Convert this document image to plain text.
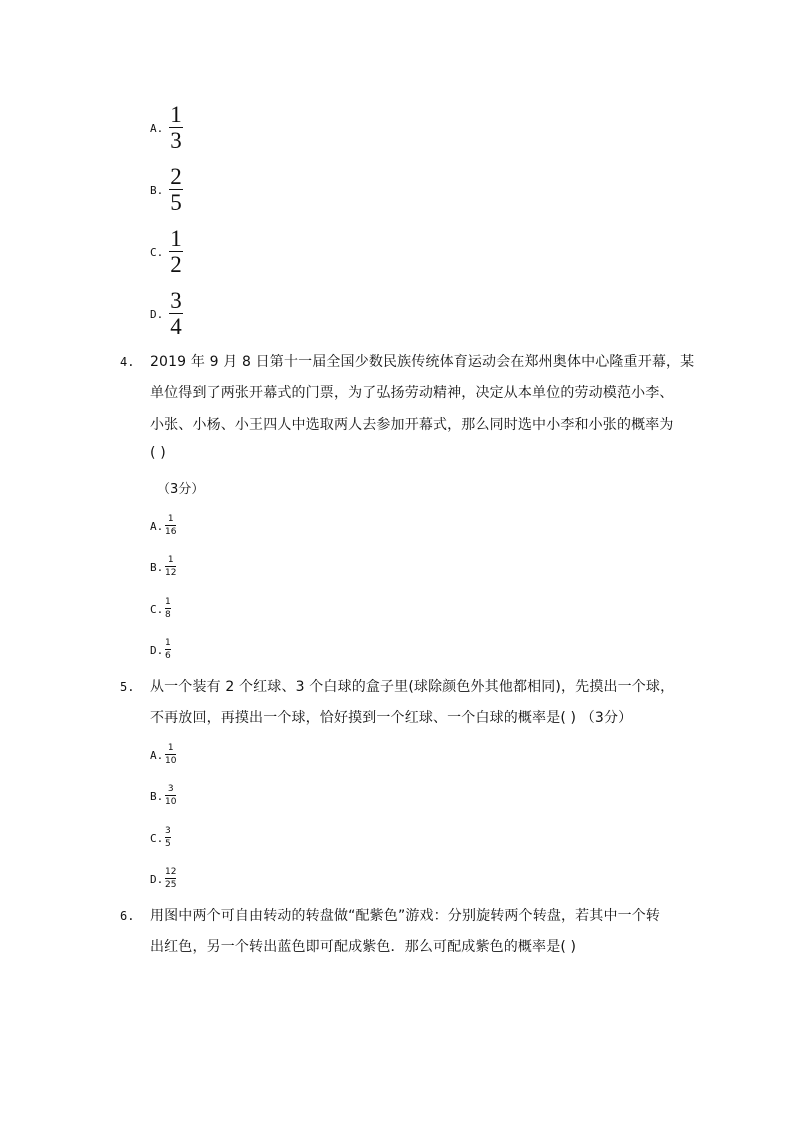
A.
1
3
B.
2
5
C.
1
2
D.
3
4
4. 2019 年 9 月 8 日第十一届全国少数民族传统体育运动会在郑州奥体中心隆重开幕，某
单位得到了两张开幕式的门票，为了弘扬劳动精神，决定从本单位的劳动模范小李、
小张、小杨、小王四人中选取两人去参加开幕式，那么同时选中小李和小张的概率为
( )
（3分）
A.
1
16
B.
1
12
C.
1
8
D.
1
6
5. 从一个装有 2 个红球、3 个白球的盒子里(球除颜色外其他都相同)，先摸出一个球，
不再放回，再摸出一个球，恰好摸到一个红球、一个白球的概率是( ) （3分）
A.
1
10
B.
3
10
C.
3
5
D.
12
25
6. 用图中两个可自由转动的转盘做“配紫色”游戏：分别旋转两个转盘，若其中一个转
出红色，另一个转出蓝色即可配成紫色．那么可配成紫色的概率是( )
